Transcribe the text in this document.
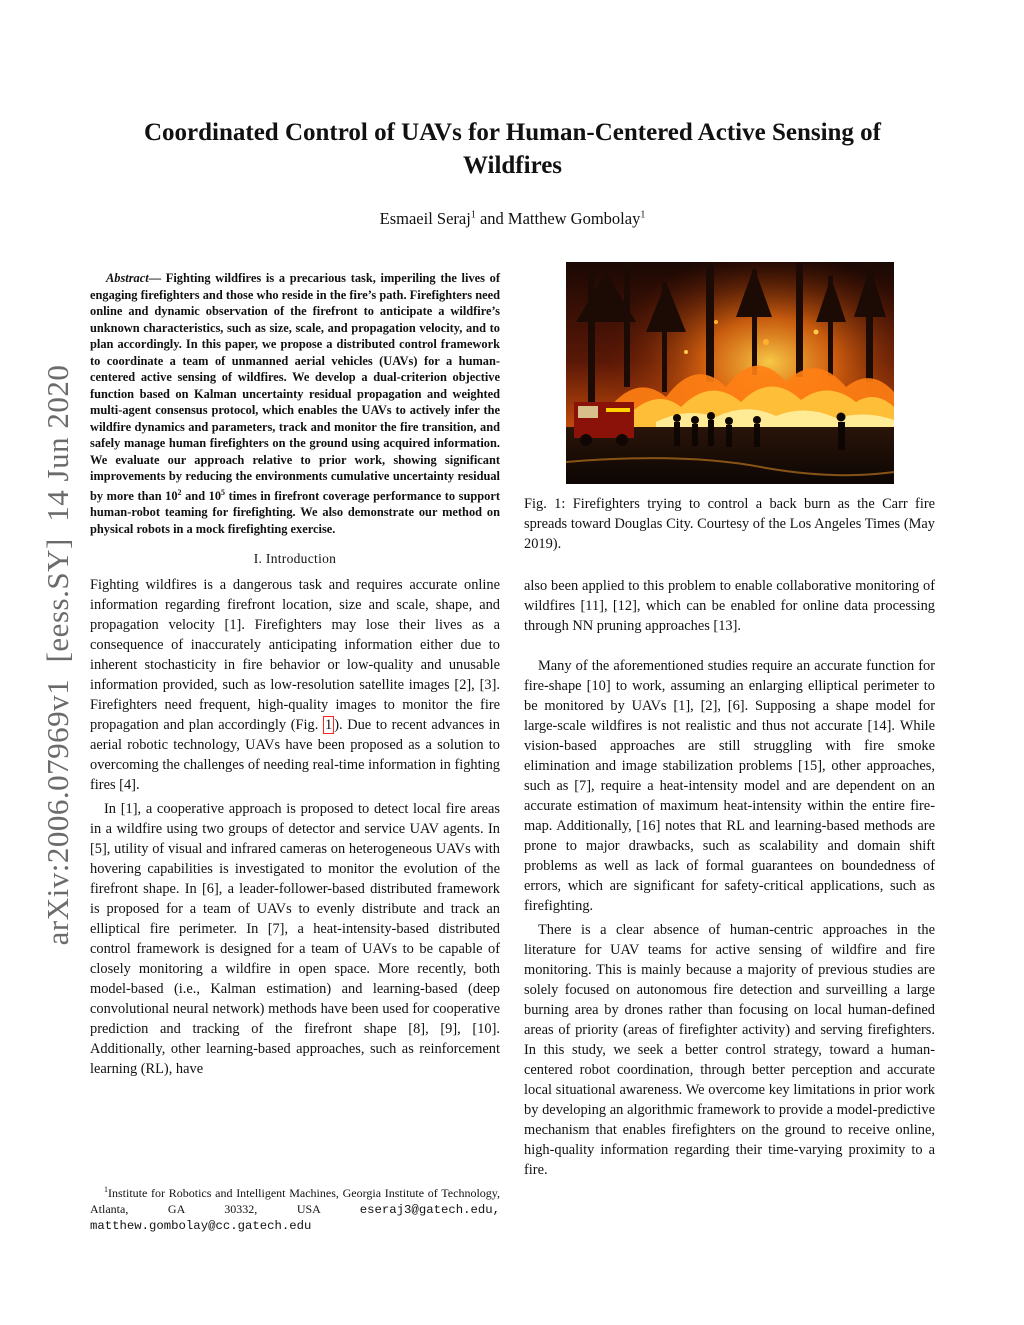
Coordinated Control of UAVs for Human-Centered Active Sensing of
Wildfires
Esmaeil Seraj$^1$ and Matthew Gombolay$^1$
arXiv:2006.07969v1  [eess.SY]  14 Jun 2020

Abstract— Fighting wildfires is a precarious task, imperiling the lives of engaging firefighters and those who reside in the fire’s path. Firefighters need online and dynamic observation of the firefront to anticipate a wildfire’s unknown characteristics, such as size, scale, and propagation velocity, and to plan accordingly. In this paper, we propose a distributed control framework to coordinate a team of unmanned aerial vehicles (UAVs) for a human-centered active sensing of wildfires. We develop a dual-criterion objective function based on Kalman uncertainty residual propagation and weighted multi-agent consensus protocol, which enables the UAVs to actively infer the wildfire dynamics and parameters, track and monitor the fire transition, and safely manage human firefighters on the ground using acquired information. We evaluate our approach relative to prior work, showing significant improvements by reducing the environments cumulative uncertainty residual by more than $10^2$ and $10^5$ times in firefront coverage performance to support human-robot teaming for firefighting. We also demonstrate our method on physical robots in a mock firefighting exercise.

I. Introduction

Fighting wildfires is a dangerous task and requires accurate online information regarding firefront location, size and scale, shape, and propagation velocity [1]. Firefighters may lose their lives as a consequence of inaccurately anticipating information either due to inherent stochasticity in fire behavior or low-quality and unusable information provided, such as low-resolution satellite images [2], [3]. Firefighters need frequent, high-quality images to monitor the fire propagation and plan accordingly (Fig. 1 ). Due to recent advances in aerial robotic technology, UAVs have been proposed as a solution to overcoming the challenges of needing real-time information in fighting fires [4].

In [1], a cooperative approach is proposed to detect local fire areas in a wildfire using two groups of detector and service UAV agents. In [5], utility of visual and infrared cameras on heterogeneous UAVs with hovering capabilities is investigated to monitor the evolution of the firefront shape. In [6], a leader-follower-based distributed framework is proposed for a team of UAVs to evenly distribute and track an elliptical fire perimeter. In [7], a heat-intensity-based distributed control framework is designed for a team of UAVs to be capable of closely monitoring a wildfire in open space. More recently, both model-based (i.e., Kalman estimation) and learning-based (deep convolutional neural network) methods have been used for cooperative prediction and tracking of the firefront shape [8], [9], [10]. Additionally, other learning-based approaches, such as reinforcement learning (RL), have

$^1$Institute for Robotics and Intelligent Machines, Georgia Institute of Technology, Atlanta, GA 30332, USA eseraj3@gatech.edu, matthew.gombolay@cc.gatech.edu

Fig. 1: Firefighters trying to control a back burn as the Carr fire spreads toward Douglas City. Courtesy of the Los Angeles Times (May 2019).

also been applied to this problem to enable collaborative monitoring of wildfires [11], [12], which can be enabled for online data processing through NN pruning approaches [13].

Many of the aforementioned studies require an accurate function for fire-shape [10] to work, assuming an enlarging elliptical perimeter to be monitored by UAVs [1], [2], [6]. Supposing a shape model for large-scale wildfires is not realistic and thus not accurate [14]. While vision-based approaches are still struggling with fire smoke elimination and image stabilization problems [15], other approaches, such as [7], require a heat-intensity model and are dependent on an accurate estimation of maximum heat-intensity within the entire fire-map. Additionally, [16] notes that RL and learning-based methods are prone to major drawbacks, such as scalability and domain shift problems as well as lack of formal guarantees on boundedness of errors, which are significant for safety-critical applications, such as firefighting.

There is a clear absence of human-centric approaches in the literature for UAV teams for active sensing of wildfire and fire monitoring. This is mainly because a majority of previous studies are solely focused on autonomous fire detection and surveilling a large burning area by drones rather than focusing on local human-defined areas of priority (areas of firefighter activity) and serving firefighters. In this study, we seek a better control strategy, toward a human-centered robot coordination, through better perception and accurate local situational awareness. We overcome key limitations in prior work by developing an algorithmic framework to provide a model-predictive mechanism that enables firefighters on the ground to receive online, high-quality information regarding their time-varying proximity to a fire.
